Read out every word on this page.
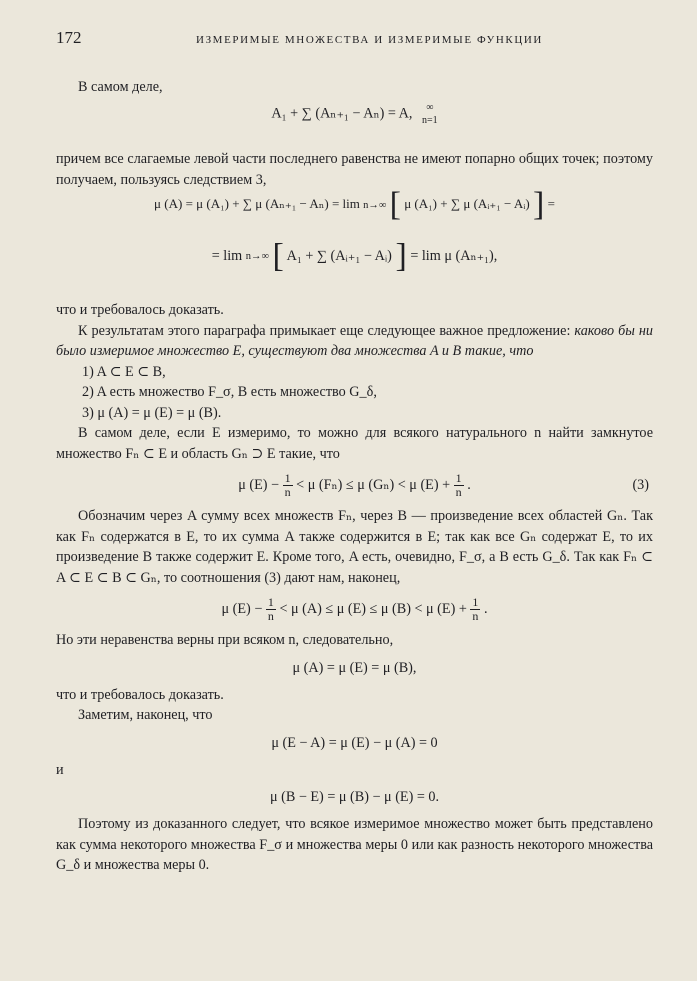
172	ИЗМЕРИМЫЕ МНОЖЕСТВА И ИЗМЕРИМЫЕ ФУНКЦИИ

В самом деле,

A₁ + ∑ (Aₙ₊₁ − Aₙ) = A,	∞
n=1

причем все слагаемые левой части последнего равенства не имеют попарно общих точек; поэтому получаем, пользуясь следствием 3,

μ (A) = μ (A₁) + ∑ μ (Aₙ₊₁ − Aₙ) = lim n→∞ [ μ (A₁) + ∑ μ (Aᵢ₊₁ − Aᵢ) ] =
= lim n→∞ [ A₁ + ∑ (Aᵢ₊₁ − Aᵢ) ] = lim μ (Aₙ₊₁),

что и требовалось доказать.

К результатам этого параграфа примыкает еще следующее важное предложение: каково бы ни было измеримое множество E, существуют два множества A и B такие, что

1) A ⊂ E ⊂ B,

2) A есть множество F_σ, B есть множество G_δ,

3) μ (A) = μ (E) = μ (B).

В самом деле, если E измеримо, то можно для всякого натурального n найти замкнутое множество Fₙ ⊂ E и область Gₙ ⊃ E такие, что

μ $(E) - \frac{1}{n} < \mu$ (Fₙ) ≤ μ (Gₙ) < μ $(E) + \frac{1}{n}$ .	(3)

Обозначим через A сумму всех множеств Fₙ, через B — произведение всех областей Gₙ. Так как Fₙ содержатся в E, то их сумма A также содержится в E; так как все Gₙ содержат E, то их произведение B также содержит E. Кроме того, A есть, очевидно, F_σ, а B есть G_δ. Так как Fₙ ⊂ A ⊂ E ⊂ B ⊂ Gₙ, то соотношения (3) дают нам, наконец,

μ $(E) - \frac{1}{n} < \mu$ (A) ≤ μ (E) ≤ μ (B) < μ $(E) + \frac{1}{n}$ .

Но эти неравенства верны при всяком n, следовательно,

μ (A) = μ (E) = μ (B),

что и требовалось доказать.

Заметим, наконец, что

μ (E − A) = μ (E) − μ (A) = 0

и

μ (B − E) = μ (B) − μ (E) = 0.

Поэтому из доказанного следует, что всякое измеримое множество может быть представлено как сумма некоторого множества F_σ и множества меры 0 или как разность некоторого множества G_δ и множества меры 0.
